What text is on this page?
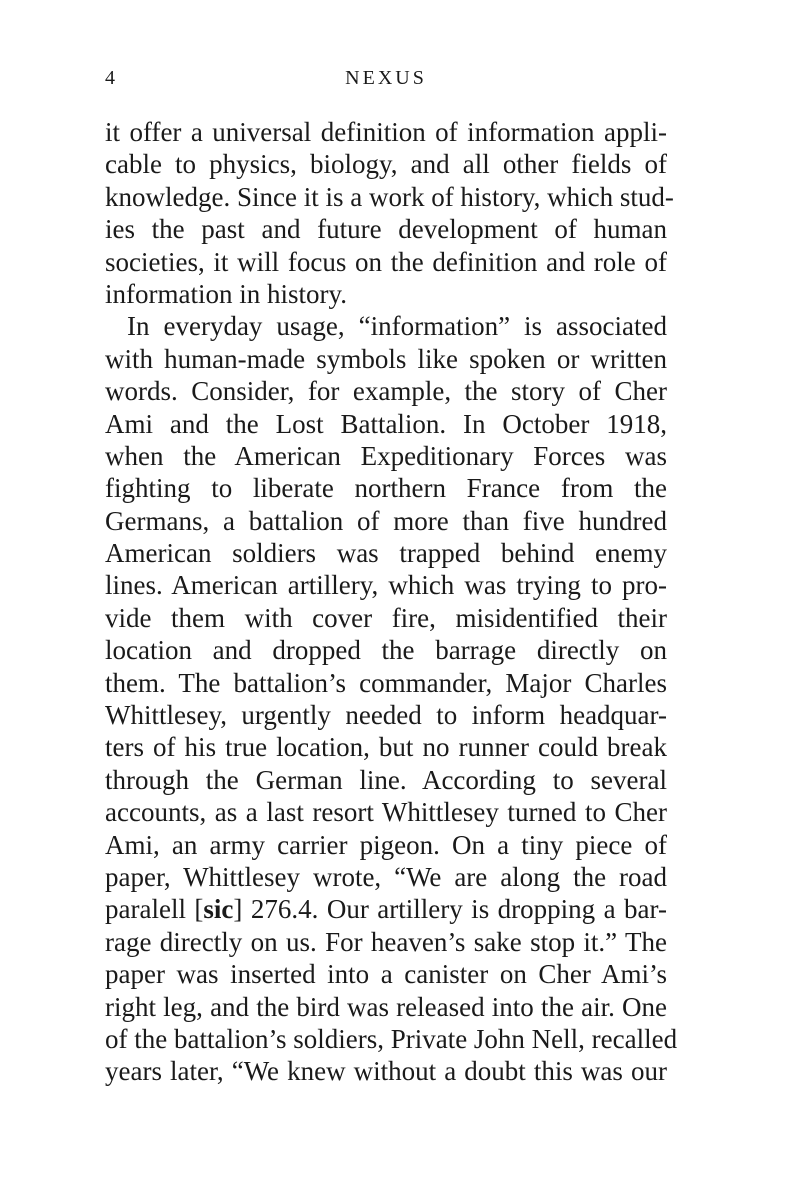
4	NEXUS
it offer a universal definition of information appli-
cable to physics, biology, and all other fields of
knowledge. Since it is a work of history, which stud-
ies the past and future development of human
societies, it will focus on the definition and role of
information in history.
In everyday usage, “information” is associated
with human-made symbols like spoken or written
words. Consider, for example, the story of Cher
Ami and the Lost Battalion. In October 1918,
when the American Expeditionary Forces was
fighting to liberate northern France from the
Germans, a battalion of more than five hundred
American soldiers was trapped behind enemy
lines. American artillery, which was trying to pro-
vide them with cover fire, misidentified their
location and dropped the barrage directly on
them. The battalion’s commander, Major Charles
Whittlesey, urgently needed to inform headquar-
ters of his true location, but no runner could break
through the German line. According to several
accounts, as a last resort Whittlesey turned to Cher
Ami, an army carrier pigeon. On a tiny piece of
paper, Whittlesey wrote, “We are along the road
paralell [sic] 276.4. Our artillery is dropping a bar-
rage directly on us. For heaven’s sake stop it.” The
paper was inserted into a canister on Cher Ami’s
right leg, and the bird was released into the air. One
of the battalion’s soldiers, Private John Nell, recalled
years later, “We knew without a doubt this was our
